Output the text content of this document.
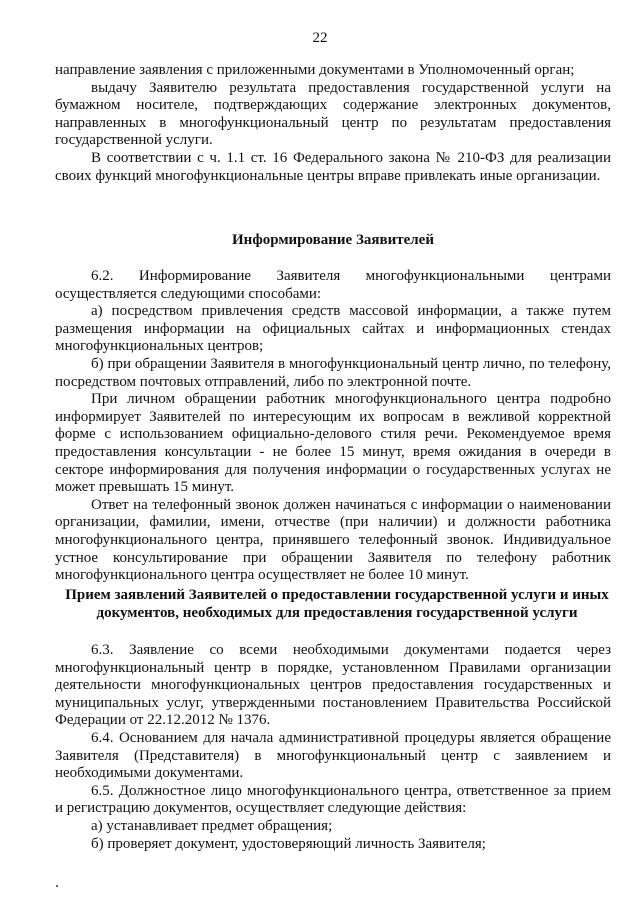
22

направление заявления с приложенными документами в Уполномоченный орган;

выдачу Заявителю результата предоставления государственной услуги на бумажном носителе, подтверждающих содержание электронных документов, направленных в многофункциональный центр по результатам предоставления государственной услуги.

В соответствии с ч. 1.1 ст. 16 Федерального закона № 210-ФЗ для реализации своих функций многофункциональные центры вправе привлекать иные организации.

Информирование Заявителей

6.2. Информирование Заявителя многофункциональными центрами осуществляется следующими способами:

а) посредством привлечения средств массовой информации, а также путем размещения информации на официальных сайтах и информационных стендах многофункциональных центров;

б) при обращении Заявителя в многофункциональный центр лично, по телефону, посредством почтовых отправлений, либо по электронной почте.

При личном обращении работник многофункционального центра подробно информирует Заявителей по интересующим их вопросам в вежливой корректной форме с использованием официально-делового стиля речи. Рекомендуемое время предоставления консультации - не более 15 минут, время ожидания в очереди в секторе информирования для получения информации о государственных услугах не может превышать 15 минут.

Ответ на телефонный звонок должен начинаться с информации о наименовании организации, фамилии, имени, отчестве (при наличии) и должности работника многофункционального центра, принявшего телефонный звонок. Индивидуальное устное консультирование при обращении Заявителя по телефону работник многофункционального центра осуществляет не более 10 минут.

Прием заявлений Заявителей о предоставлении государственной услуги и иных документов, необходимых для предоставления государственной услуги

6.3. Заявление со всеми необходимыми документами подается через многофункциональный центр в порядке, установленном Правилами организации деятельности многофункциональных центров предоставления государственных и муниципальных услуг, утвержденными постановлением Правительства Российской Федерации от 22.12.2012 № 1376.

6.4. Основанием для начала административной процедуры является обращение Заявителя (Представителя) в многофункциональный центр с заявлением и необходимыми документами.

6.5. Должностное лицо многофункционального центра, ответственное за прием и регистрацию документов, осуществляет следующие действия:

а) устанавливает предмет обращения;

б) проверяет документ, удостоверяющий личность Заявителя;
